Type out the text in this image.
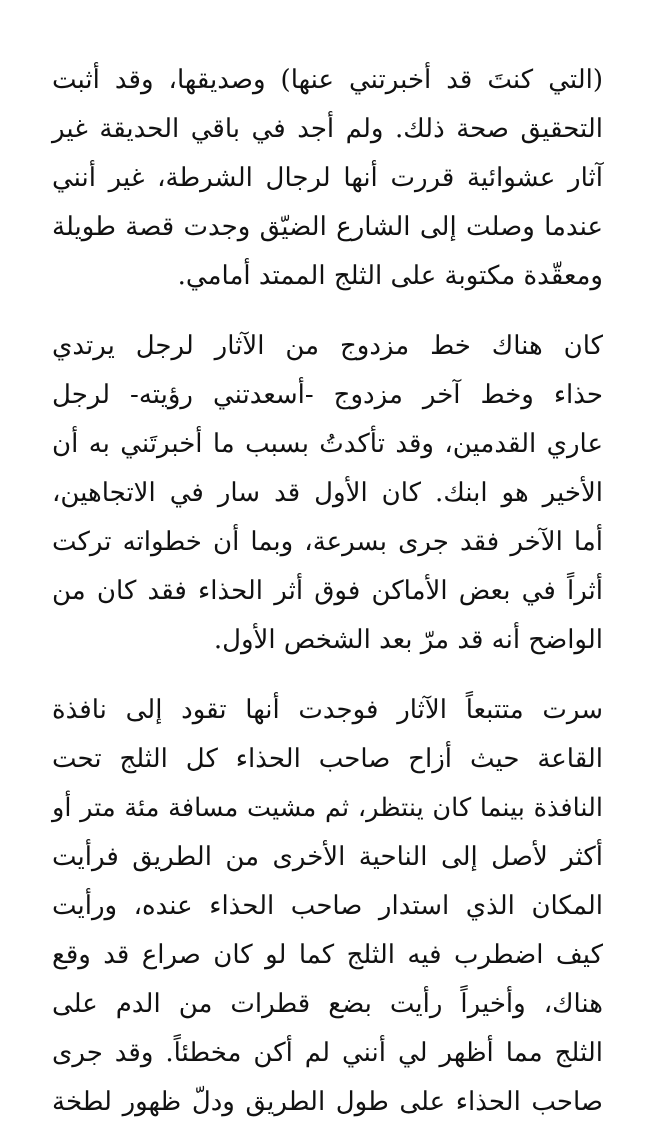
(التي كنتَ قد أخبرتني عنها) وصديقها، وقد أثبت
التحقيق صحة ذلك. ولم أجد في باقي الحديقة غير
آثار عشوائية قررت أنها لرجال الشرطة، غير أنني
عندما وصلت إلى الشارع الضيّق وجدت قصة طويلة
ومعقّدة مكتوبة على الثلج الممتد أمامي.

كان هناك خط مزدوج من الآثار لرجل يرتدي
حذاء وخط آخر مزدوج -أسعدتني رؤيته- لرجل
عاري القدمين، وقد تأكدتُ بسبب ما أخبرتَني به أن
الأخير هو ابنك. كان الأول قد سار في الاتجاهين،
أما الآخر فقد جرى بسرعة، وبما أن خطواته تركت
أثراً في بعض الأماكن فوق أثر الحذاء فقد كان من
الواضح أنه قد مرّ بعد الشخص الأول.

سرت متتبعاً الآثار فوجدت أنها تقود إلى نافذة
القاعة حيث أزاح صاحب الحذاء كل الثلج تحت
النافذة بينما كان ينتظر، ثم مشيت مسافة مئة متر أو
أكثر لأصل إلى الناحية الأخرى من الطريق فرأيت
المكان الذي استدار صاحب الحذاء عنده، ورأيت
كيف اضطرب فيه الثلج كما لو كان صراع قد وقع
هناك، وأخيراً رأيت بضع قطرات من الدم على
الثلج مما أظهر لي أنني لم أكن مخطئاً. وقد جرى
صاحب الحذاء على طول الطريق ودلّ ظهور لطخة
